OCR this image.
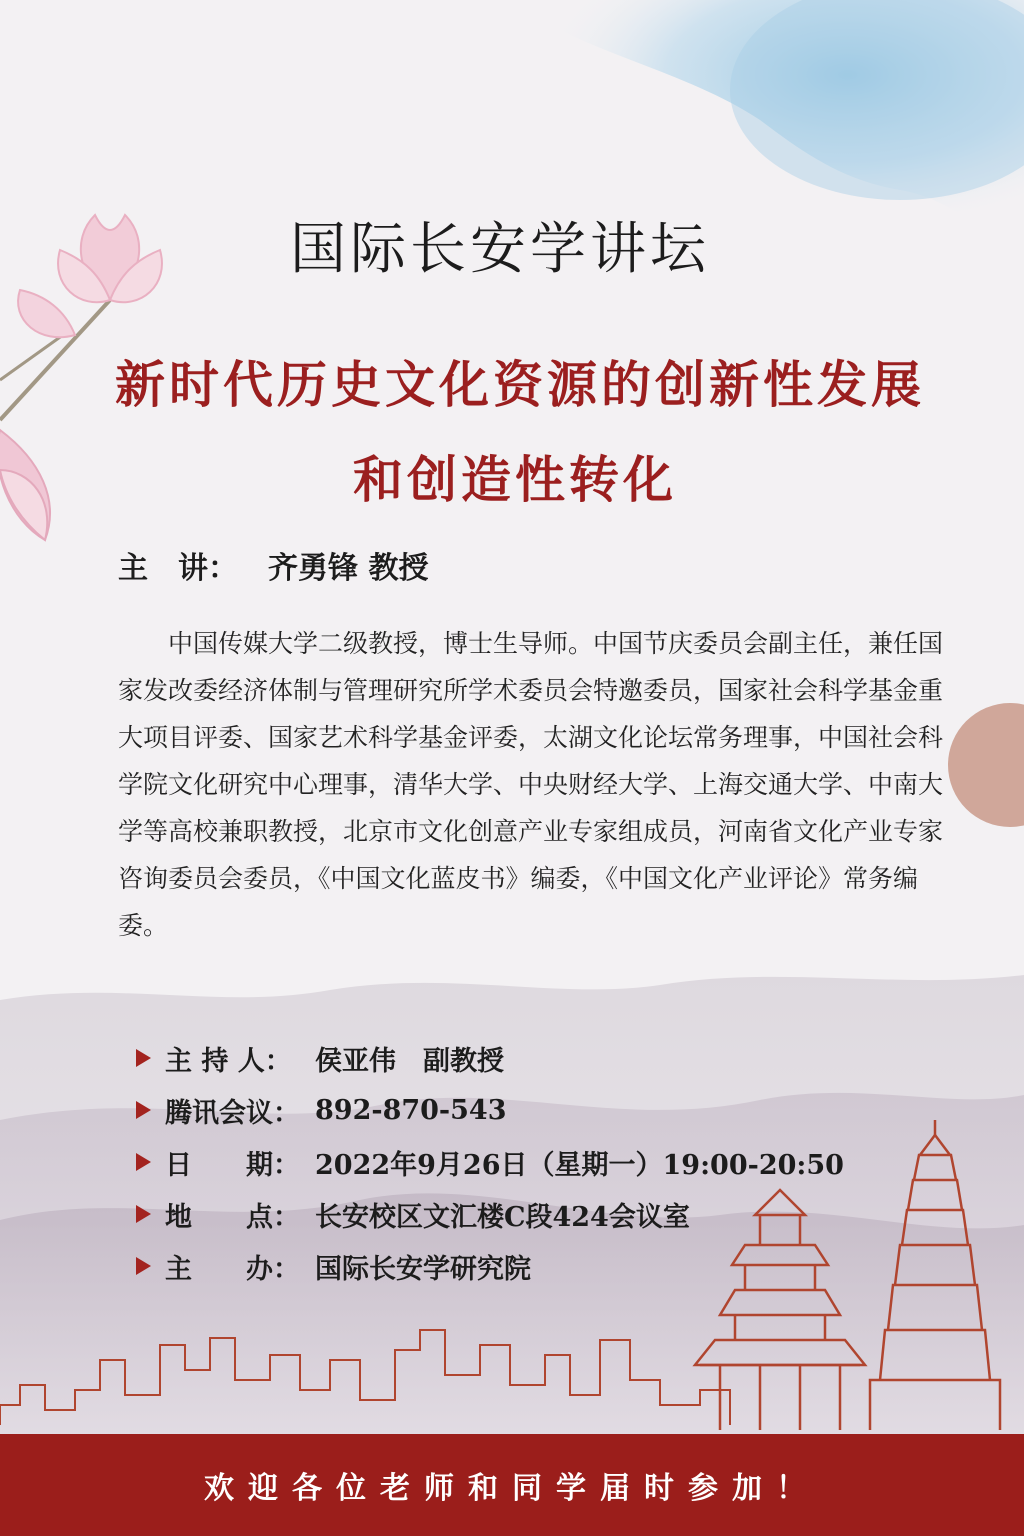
国际长安学讲坛
新时代历史文化资源的创新性发展
和创造性转化
主　讲： 齐勇锋 教授

中国传媒大学二级教授，博士生导师。中国节庆委员会副主任，兼任国家发改委经济体制与管理研究所学术委员会特邀委员，国家社会科学基金重大项目评委、国家艺术科学基金评委，太湖文化论坛常务理事，中国社会科学院文化研究中心理事，清华大学、中央财经大学、上海交通大学、中南大学等高校兼职教授，北京市文化创意产业专家组成员，河南省文化产业专家咨询委员会委员，《中国文化蓝皮书》编委，《中国文化产业评论》常务编委。

主 持 人： 侯亚伟　副教授
腾讯会议： 892-870-543
日　　期： 2022年9月26日（星期一）19:00-20:50
地　　点： 长安校区文汇楼C段424会议室
主　　办： 国际长安学研究院
欢迎各位老师和同学届时参加！
